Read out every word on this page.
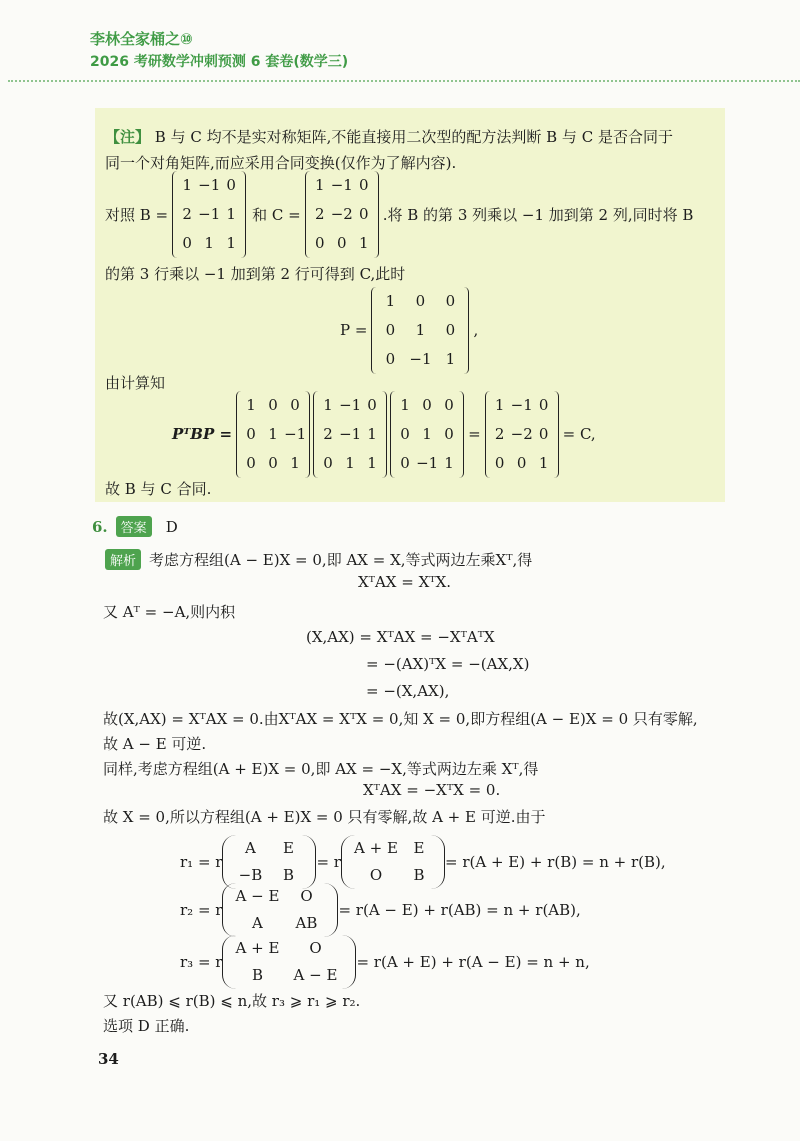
李林全家桶之⑩
2026 考研数学冲刺预测 6 套卷(数学三)
【注】 B 与 C 均不是实对称矩阵,不能直接用二次型的配方法判断 B 与 C 是否合同于
同一个对角矩阵,而应采用合同变换(仅作为了解内容).
对照 B =
1 −1 0
2 −1 1
0 1 1
和 C =
1 −1 0
2 −2 0
0 0 1
.将 B 的第 3 列乘以 −1 加到第 2 列,同时将 B
的第 3 行乘以 −1 加到第 2 行可得到 C,此时
P =
1	0	0
0	1	0
0 −1 1
,
由计算知
PᵀBP =
1 0 0
0 1 −1
0 0 1
1 −1 0
2 −1 1
0 1 1
1 0 0
0 1 0
0 −1 1
=
1 −1 0
2 −2 0
0 0 1
= C,
故 B 与 C 合同.
6.	答案	D
解析 考虑方程组(A − E)X = 0,即 AX = X,等式两边左乘Xᵀ,得
XᵀAX = XᵀX.
又 Aᵀ = −A,则内积
(X,AX) = XᵀAX = −XᵀAᵀX
= −(AX)ᵀX = −(AX,X)
= −(X,AX),
故(X,AX) = XᵀAX = 0.由XᵀAX = XᵀX = 0,知 X = 0,即方程组(A − E)X = 0 只有零解,
故 A − E 可逆.
同样,考虑方程组(A + E)X = 0,即 AX = −X,等式两边左乘 Xᵀ,得
XᵀAX = −XᵀX = 0.
故 X = 0,所以方程组(A + E)X = 0 只有零解,故 A + E 可逆.由于
r₁ = r
A	E
−B	B
= r
A + E	E
O	B
= r(A + E) + r(B) = n + r(B),
r₂ = r
A − E	O
A	AB
= r(A − E) + r(AB) = n + r(AB),
r₃ = r
A + E	O
B	A − E
= r(A + E) + r(A − E) = n + n,
又 r(AB) ⩽ r(B) ⩽ n,故 r₃ ⩾ r₁ ⩾ r₂.
选项 D 正确.
34
